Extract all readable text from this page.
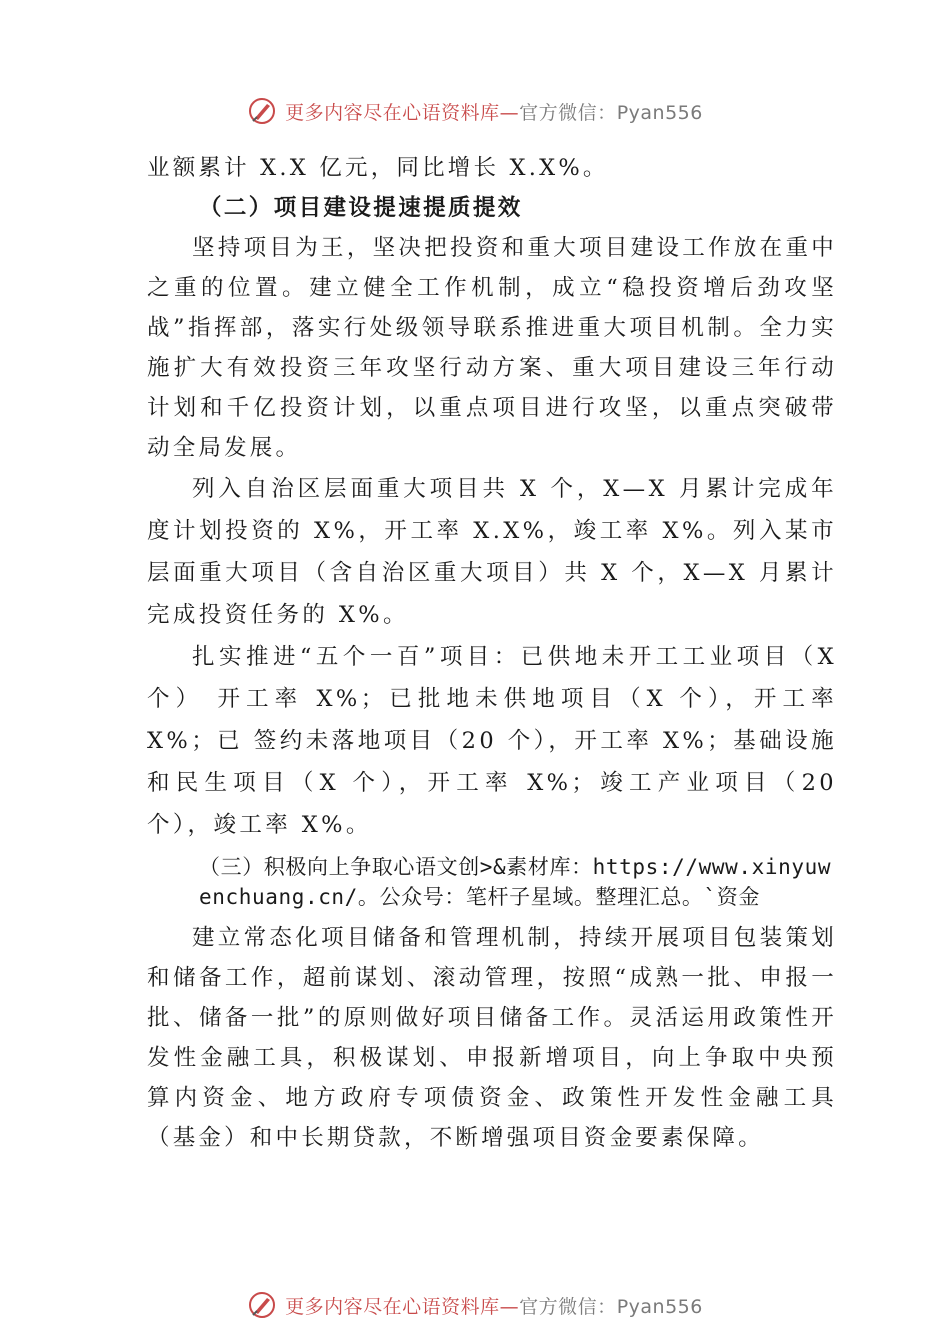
更多内容尽在心语资料库—官方微信：Pyan556

业额累计 X.X 亿元，同比增长 X.X%。

（二）项目建设提速提质提效

坚持项目为王，坚决把投资和重大项目建设工作放在重中之重的位置。建立健全工作机制，成立“稳投资增后劲攻坚战”指挥部，落实行处级领导联系推进重大项目机制。全力实施扩大有效投资三年攻坚行动方案、重大项目建设三年行动计划和千亿投资计划，以重点项目进行攻坚，以重点突破带动全局发展。

列入自治区层面重大项目共 X 个，X—X 月累计完成年度计划投资的 X%，开工率 X.X%，竣工率 X%。列入某市层面重大项目（含自治区重大项目）共 X 个，X—X 月累计完成投资任务的 X%。

扎实推进“五个一百”项目：已供地未开工工业项目（X 个） 开工率 X%；已批地未供地项目（X 个），开工率 X%；已 签约未落地项目（20 个），开工率 X%；基础设施和民生项目（X 个），开工率 X%；竣工产业项目（20 个），竣工率 X%。

（三）积极向上争取心语文创>&素材库：https://www.xinyuwenchuang.cn/。公众号：笔杆子星域。整理汇总。`资金

建立常态化项目储备和管理机制，持续开展项目包装策划和储备工作，超前谋划、滚动管理，按照“成熟一批、申报一批、储备一批”的原则做好项目储备工作。灵活运用政策性开发性金融工具，积极谋划、申报新增项目，向上争取中央预算内资金、地方政府专项债资金、政策性开发性金融工具（基金）和中长期贷款，不断增强项目资金要素保障。

更多内容尽在心语资料库—官方微信：Pyan556
